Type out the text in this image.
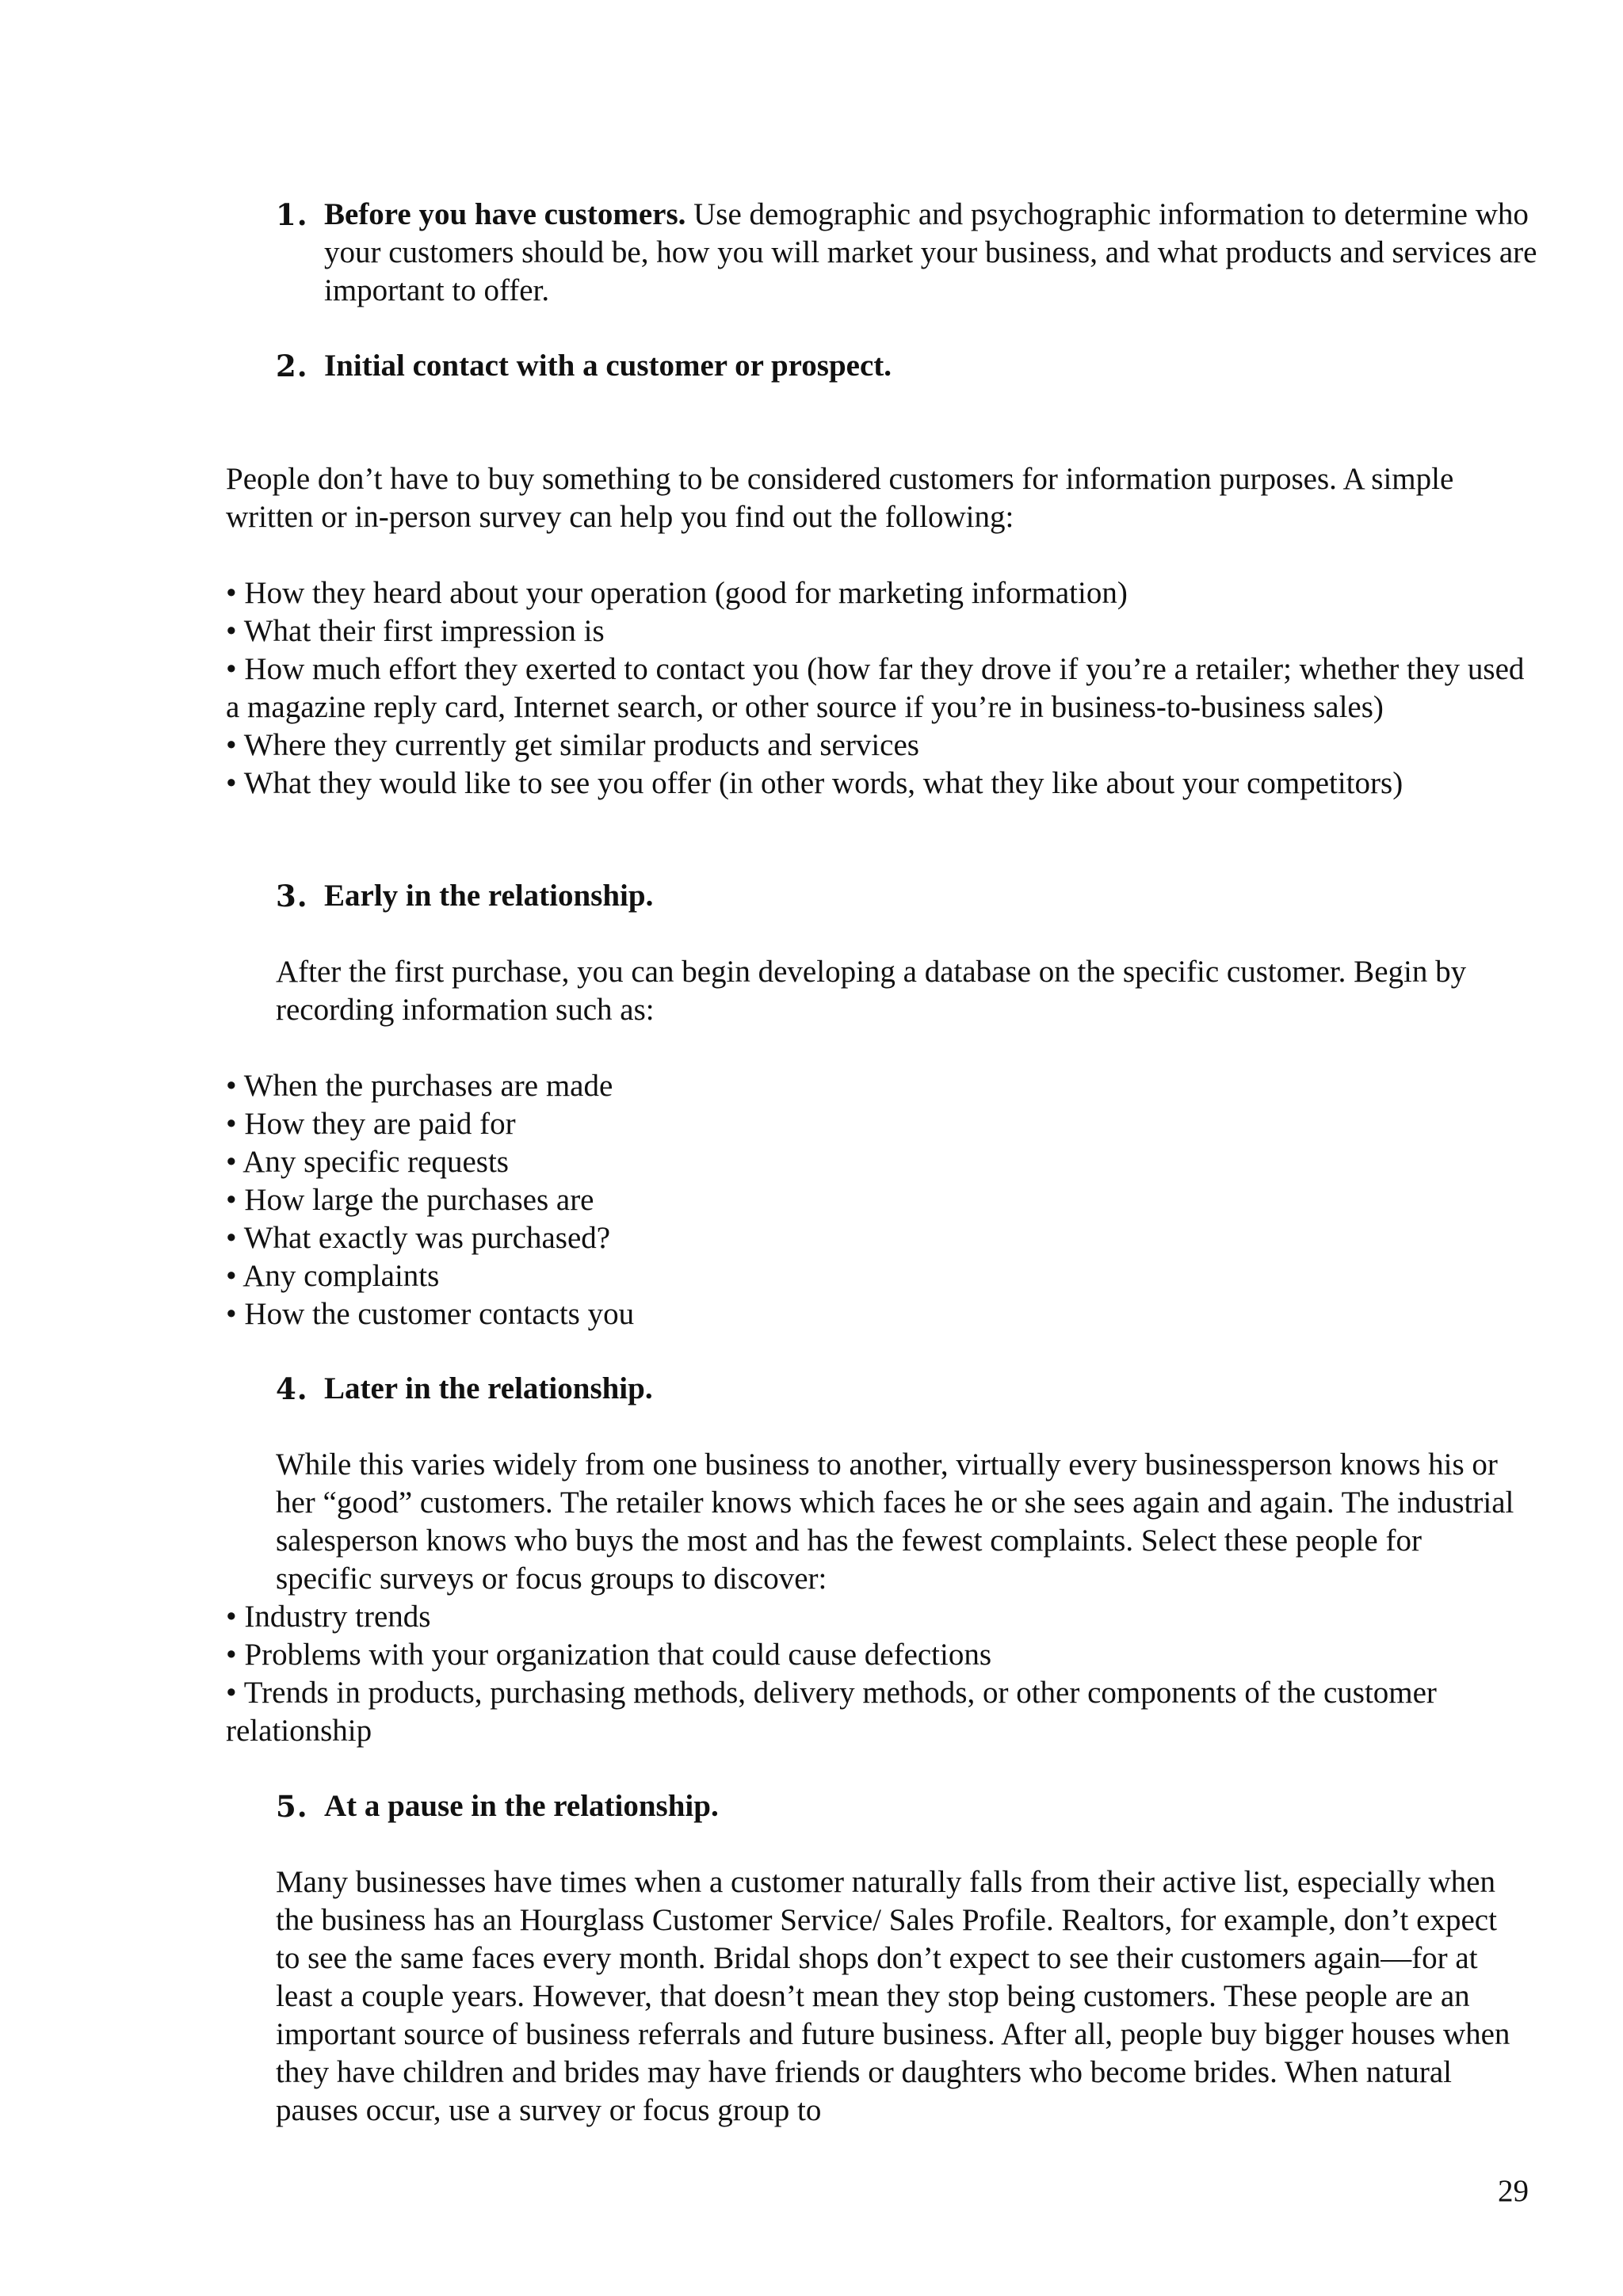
1. Before you have customers. Use demographic and psychographic information to determine who your customers should be, how you will market your business, and what products and services are important to offer.
2. Initial contact with a customer or prospect.

People don’t have to buy something to be considered customers for information purposes. A simple written or in-person survey can help you find out the following:

• How they heard about your operation (good for marketing information)
• What their first impression is
• How much effort they exerted to contact you (how far they drove if you’re a retailer; whether they used a magazine reply card, Internet search, or other source if you’re in business-to-business sales)
• Where they currently get similar products and services
• What they would like to see you offer (in other words, what they like about your competitors)
3. Early in the relationship.

After the first purchase, you can begin developing a database on the specific customer. Begin by recording information such as:

• When the purchases are made
• How they are paid for
• Any specific requests
• How large the purchases are
• What exactly was purchased?
• Any complaints
• How the customer contacts you
4. Later in the relationship.

While this varies widely from one business to another, virtually every businessperson knows his or her “good” customers. The retailer knows which faces he or she sees again and again. The industrial salesperson knows who buys the most and has the fewest complaints. Select these people for specific surveys or focus groups to discover:

• Industry trends
• Problems with your organization that could cause defections
• Trends in products, purchasing methods, delivery methods, or other components of the customer relationship
5. At a pause in the relationship.

Many businesses have times when a customer naturally falls from their active list, especially when the business has an Hourglass Customer Service/ Sales Profile. Realtors, for example, don’t expect to see the same faces every month. Bridal shops don’t expect to see their customers again—for at least a couple years. However, that doesn’t mean they stop being customers. These people are an important source of business referrals and future business. After all, people buy bigger houses when they have children and brides may have friends or daughters who become brides. When natural pauses occur, use a survey or focus group to

29
